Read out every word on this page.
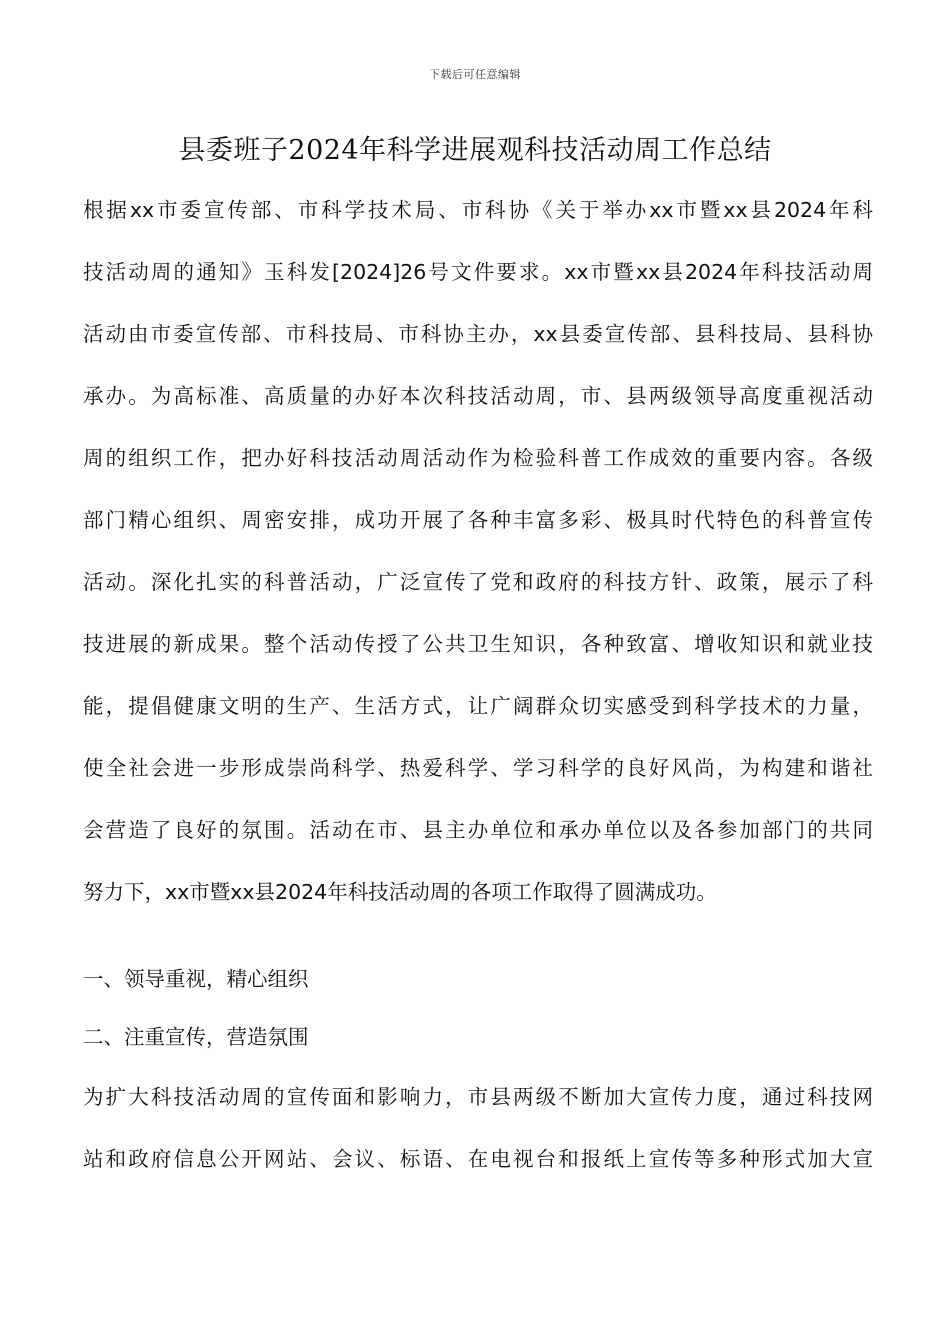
下载后可任意编辑
县委班子2024年科学进展观科技活动周工作总结
根据xx市委宣传部、市科学技术局、市科协《关于举办xx市暨xx县2024年科
技活动周的通知》玉科发[2024]26号文件要求。xx市暨xx县2024年科技活动周
活动由市委宣传部、市科技局、市科协主办，xx县委宣传部、县科技局、县科协
承办。为高标准、高质量的办好本次科技活动周，市、县两级领导高度重视活动
周的组织工作，把办好科技活动周活动作为检验科普工作成效的重要内容。各级
部门精心组织、周密安排，成功开展了各种丰富多彩、极具时代特色的科普宣传
活动。深化扎实的科普活动，广泛宣传了党和政府的科技方针、政策，展示了科
技进展的新成果。整个活动传授了公共卫生知识，各种致富、增收知识和就业技
能，提倡健康文明的生产、生活方式，让广阔群众切实感受到科学技术的力量，
使全社会进一步形成崇尚科学、热爱科学、学习科学的良好风尚，为构建和谐社
会营造了良好的氛围。活动在市、县主办单位和承办单位以及各参加部门的共同
努力下，xx市暨xx县2024年科技活动周的各项工作取得了圆满成功。
一、领导重视，精心组织
二、注重宣传，营造氛围
为扩大科技活动周的宣传面和影响力，市县两级不断加大宣传力度，通过科技网
站和政府信息公开网站、会议、标语、在电视台和报纸上宣传等多种形式加大宣
